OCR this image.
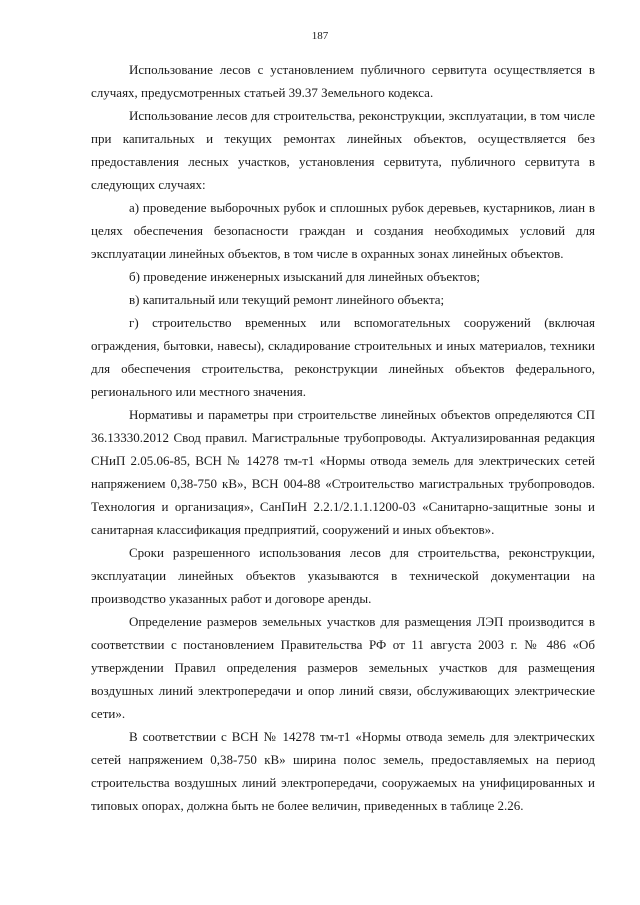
187

Использование лесов с установлением публичного сервитута осуществляется в случаях, предусмотренных статьей 39.37 Земельного кодекса.

Использование лесов для строительства, реконструкции, эксплуатации, в том числе при капитальных и текущих ремонтах линейных объектов, осуществляется без предоставления лесных участков, установления сервитута, публичного сервитута в следующих случаях:

а) проведение выборочных рубок и сплошных рубок деревьев, кустарников, лиан в целях обеспечения безопасности граждан и создания необходимых условий для эксплуатации линейных объектов, в том числе в охранных зонах линейных объектов.

б) проведение инженерных изысканий для линейных объектов;

в) капитальный или текущий ремонт линейного объекта;

г) строительство временных или вспомогательных сооружений (включая ограждения, бытовки, навесы), складирование строительных и иных материалов, техники для обеспечения строительства, реконструкции линейных объектов федерального, регионального или местного значения.

Нормативы и параметры при строительстве линейных объектов определяются СП 36.13330.2012 Свод правил. Магистральные трубопроводы. Актуализированная редакция СНиП 2.05.06-85, ВСН № 14278 тм-т1 «Нормы отвода земель для электрических сетей напряжением 0,38-750 кВ», ВСН 004-88 «Строительство магистральных трубопроводов. Технология и организация», СанПиН 2.2.1/2.1.1.1200-03 «Санитарно-защитные зоны и санитарная классификация предприятий, сооружений и иных объектов».

Сроки разрешенного использования лесов для строительства, реконструкции, эксплуатации линейных объектов указываются в технической документации на производство указанных работ и договоре аренды.

Определение размеров земельных участков для размещения ЛЭП производится в соответствии с постановлением Правительства РФ от 11 августа 2003 г. № 486 «Об утверждении Правил определения размеров земельных участков для размещения воздушных линий электропередачи и опор линий связи, обслуживающих электрические сети».

В соответствии с ВСН № 14278 тм-т1 «Нормы отвода земель для электрических сетей напряжением 0,38-750 кВ» ширина полос земель, предоставляемых на период строительства воздушных линий электропередачи, сооружаемых на унифицированных и типовых опорах, должна быть не более величин, приведенных в таблице 2.26.
